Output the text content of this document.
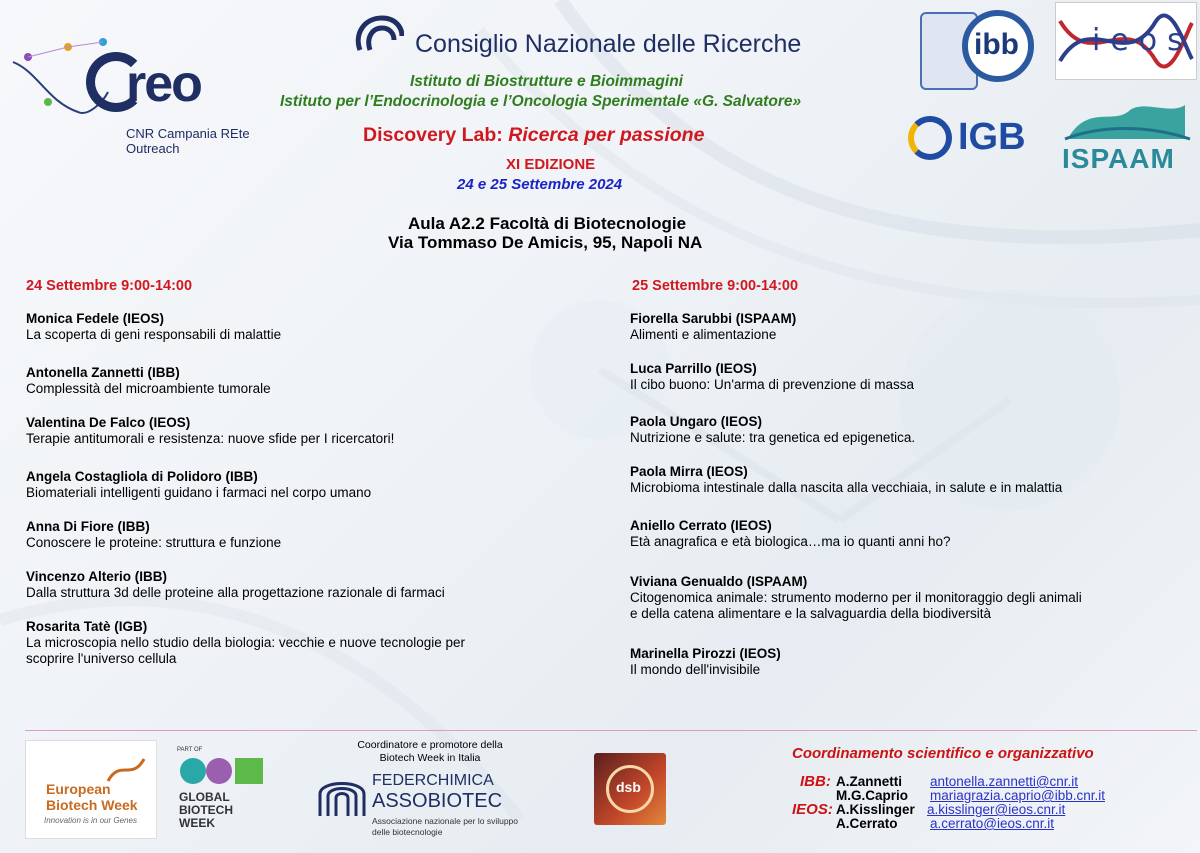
reo
CNR Campania REte Outreach
Consiglio Nazionale delle Ricerche
Istituto di Biostrutture e Bioimmagini
Istituto per l’Endocrinologia e l’Oncologia Sperimentale «G. Salvatore»
Discovery Lab: Ricerca per passione
XI EDIZIONE
24 e 25 Settembre 2024
Aula A2.2 Facoltà di Biotecnologie
Via Tommaso De Amicis, 95, Napoli NA
ibb ieos
IGB
ISPAAM
24 Settembre 9:00-14:00
Monica Fedele (IEOS)
La scoperta di geni responsabili di malattie
Antonella Zannetti (IBB)
Complessità del microambiente tumorale
Valentina De Falco (IEOS)
Terapie antitumorali e resistenza: nuove sfide per I ricercatori!
Angela Costagliola di Polidoro (IBB)
Biomateriali intelligenti guidano i farmaci nel corpo umano
Anna Di Fiore (IBB)
Conoscere le proteine: struttura e funzione
Vincenzo Alterio (IBB)
Dalla struttura 3d delle proteine alla progettazione razionale di farmaci
Rosarita Tatè (IGB)
La microscopia nello studio della biologia: vecchie e nuove tecnologie per
scoprire l'universo cellula
25 Settembre 9:00-14:00
Fiorella Sarubbi (ISPAAM)
Alimenti e alimentazione
Luca Parrillo (IEOS)
Il cibo buono: Un'arma di prevenzione di massa
Paola Ungaro (IEOS)
Nutrizione e salute: tra genetica ed epigenetica.
Paola Mirra (IEOS)
Microbioma intestinale dalla nascita alla vecchiaia, in salute e in malattia
Aniello Cerrato (IEOS)
Età anagrafica e età biologica…ma io quanti anni ho?
Viviana Genualdo (ISPAAM)
Citogenomica animale: strumento moderno per il monitoraggio degli animali
e della catena alimentare e la salvaguardia della biodiversità
Marinella Pirozzi (IEOS)
Il mondo dell'invisibile
European
Biotech Week
Innovation is in our Genes
PART OF
GLOBAL
BIOTECH
WEEK
Coordinatore e promotore della
Biotech Week in Italia
FEDERCHIMICA
ASSOBIOTEC
Associazione nazionale per lo sviluppo
delle biotecnologie
dsb
Coordinamento scientifico e organizzativo
IBB: A.Zannetti antonella.zannetti@cnr.it
M.G.Caprio mariagrazia.caprio@ibb.cnr.it
IEOS: A.Kisslinger a.kisslinger@ieos.cnr.it
A.Cerrato a.cerrato@ieos.cnr.it
